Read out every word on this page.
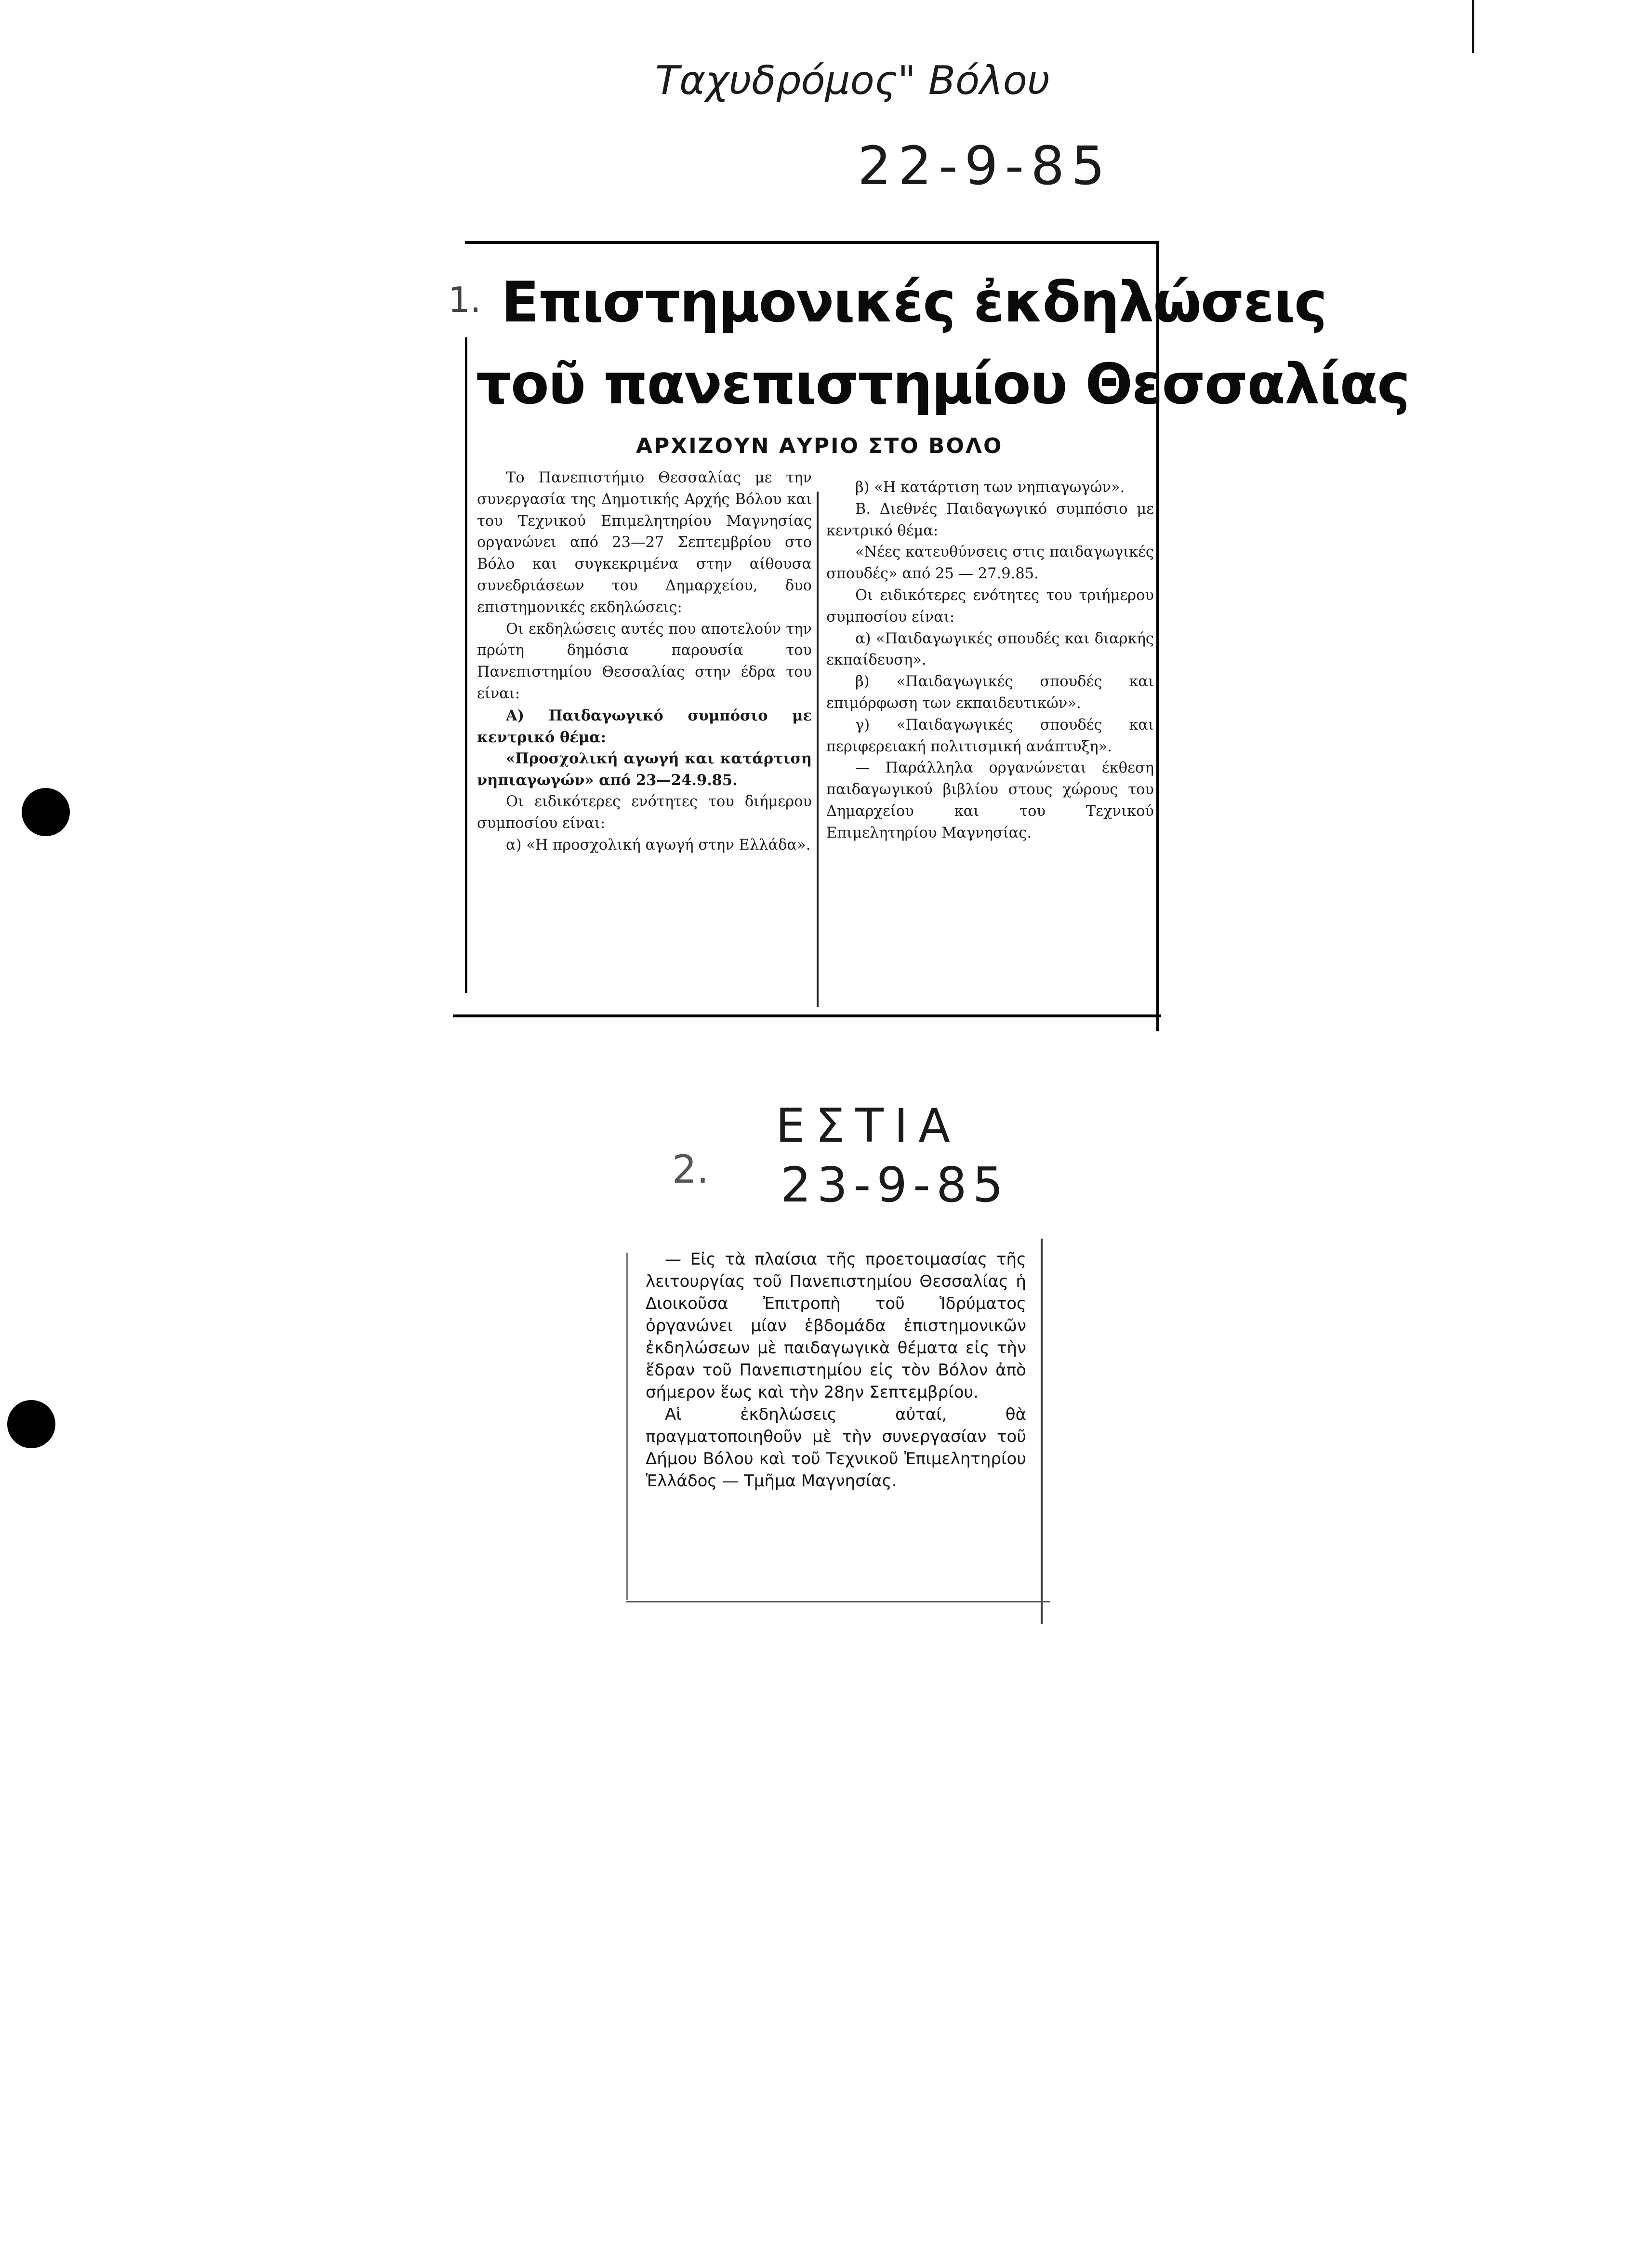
Ταχυδρόμος" Βόλου
22-9-85
1. Επιστημονικές ἐκδηλώσεις
τοῦ πανεπιστημίου Θεσσαλίας
ΑΡΧΙΖΟΥΝ ΑΥΡΙΟ ΣΤΟ ΒΟΛΟ

Το Πανεπιστήμιο Θεσσαλίας με την συνεργασία της Δημοτικής Αρχής Βόλου και του Τεχνικού Επιμελητηρίου Μαγνησίας οργανώνει από 23—27 Σεπτεμβρίου στο Βόλο και συγκεκριμένα στην αίθουσα συνεδριάσεων του Δημαρχείου, δυο επιστημονικές εκδηλώσεις:

Οι εκδηλώσεις αυτές που αποτελούν την πρώτη δημόσια παρουσία του Πανεπιστημίου Θεσσαλίας στην έδρα του είναι:

Α) Παιδαγωγικό συμπόσιο με κεντρικό θέμα:

«Προσχολική αγωγή και κατάρτιση νηπιαγωγών» από 23—24.9.85.

Οι ειδικότερες ενότητες του διήμερου συμποσίου είναι:

α) «Η προσχολική αγωγή στην Ελλάδα».

β) «Η κατάρτιση των νηπιαγωγών».

Β. Διεθνές Παιδαγωγικό συμπόσιο με κεντρικό θέμα:

«Νέες κατευθύνσεις στις παιδαγωγικές σπουδές» από 25 — 27.9.85.

Οι ειδικότερες ενότητες του τριήμερου συμποσίου είναι:

α) «Παιδαγωγικές σπουδές και διαρκής εκπαίδευση».

β) «Παιδαγωγικές σπουδές και επιμόρφωση των εκπαιδευτικών».

γ) «Παιδαγωγικές σπουδές και περιφερειακή πολιτισμική ανάπτυξη».

— Παράλληλα οργανώνεται έκθεση παιδαγωγικού βιβλίου στους χώρους του Δημαρχείου και του Τεχνικού Επιμελητηρίου Μαγνησίας.

ΕΣΤΙΑ
2. 23-9-85

— Εἰς τὰ πλαίσια τῆς προετοιμασίας τῆς λειτουργίας τοῦ Πανεπιστημίου Θεσσαλίας ἡ Διοικοῦσα Ἐπιτροπὴ τοῦ Ἱδρύματος ὀργανώνει μίαν ἑβδομάδα ἐπιστημονικῶν ἐκδηλώσεων μὲ παιδαγωγικὰ θέματα εἰς τὴν ἕδραν τοῦ Πανεπιστημίου εἰς τὸν Βόλον ἀπὸ σήμερον ἕως καὶ τὴν 28ην Σεπτεμβρίου.

Αἱ ἐκδηλώσεις αὐταί, θὰ πραγματοποιηθοῦν μὲ τὴν συνεργασίαν τοῦ Δήμου Βόλου καὶ τοῦ Τεχνικοῦ Ἐπιμελητηρίου Ἑλλάδος — Τμῆμα Μαγνησίας.
